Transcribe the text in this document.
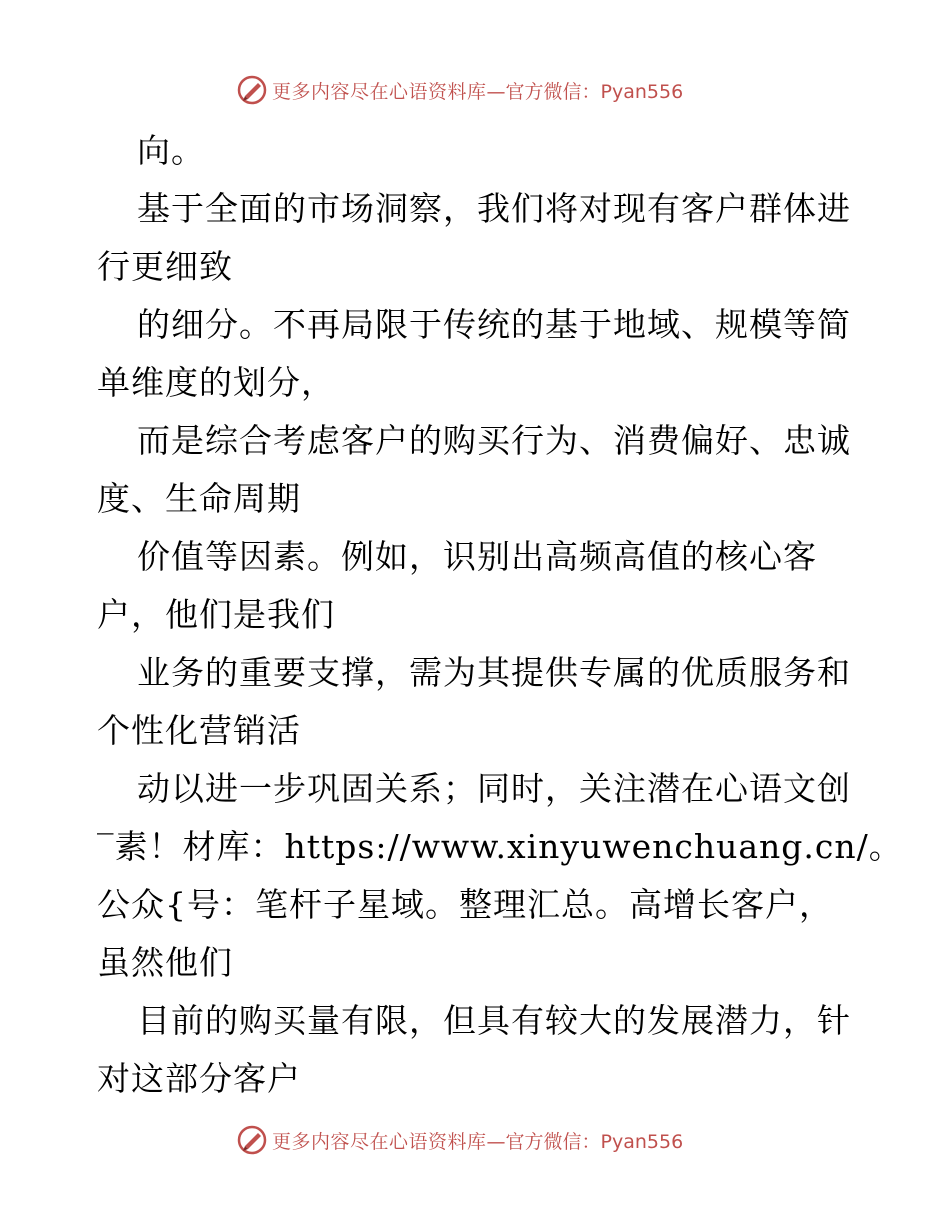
更多内容尽在心语资料库 —官方微信：Pyan556
向。
基于全面的市场洞察，我们将对现有客户群体进
行更细致
的细分。不再局限于传统的基于地域、规模等简
单维度的划分，
而是综合考虑客户的购买行为、消费偏好、忠诚
度、生命周期
价值等因素。例如，识别出高频高值的核心客
户，他们是我们
业务的重要支撑，需为其提供专属的优质服务和
个性化营销活
动以进一步巩固关系；同时，关注潜在心语文创
‾素！材库：https://www.xinyuwenchuang.cn/。
公众{号：笔杆子星域。整理汇总。高增长客户，
虽然他们
目前的购买量有限，但具有较大的发展潜力，针
对这部分客户
更多内容尽在心语资料库 —官方微信：Pyan556
